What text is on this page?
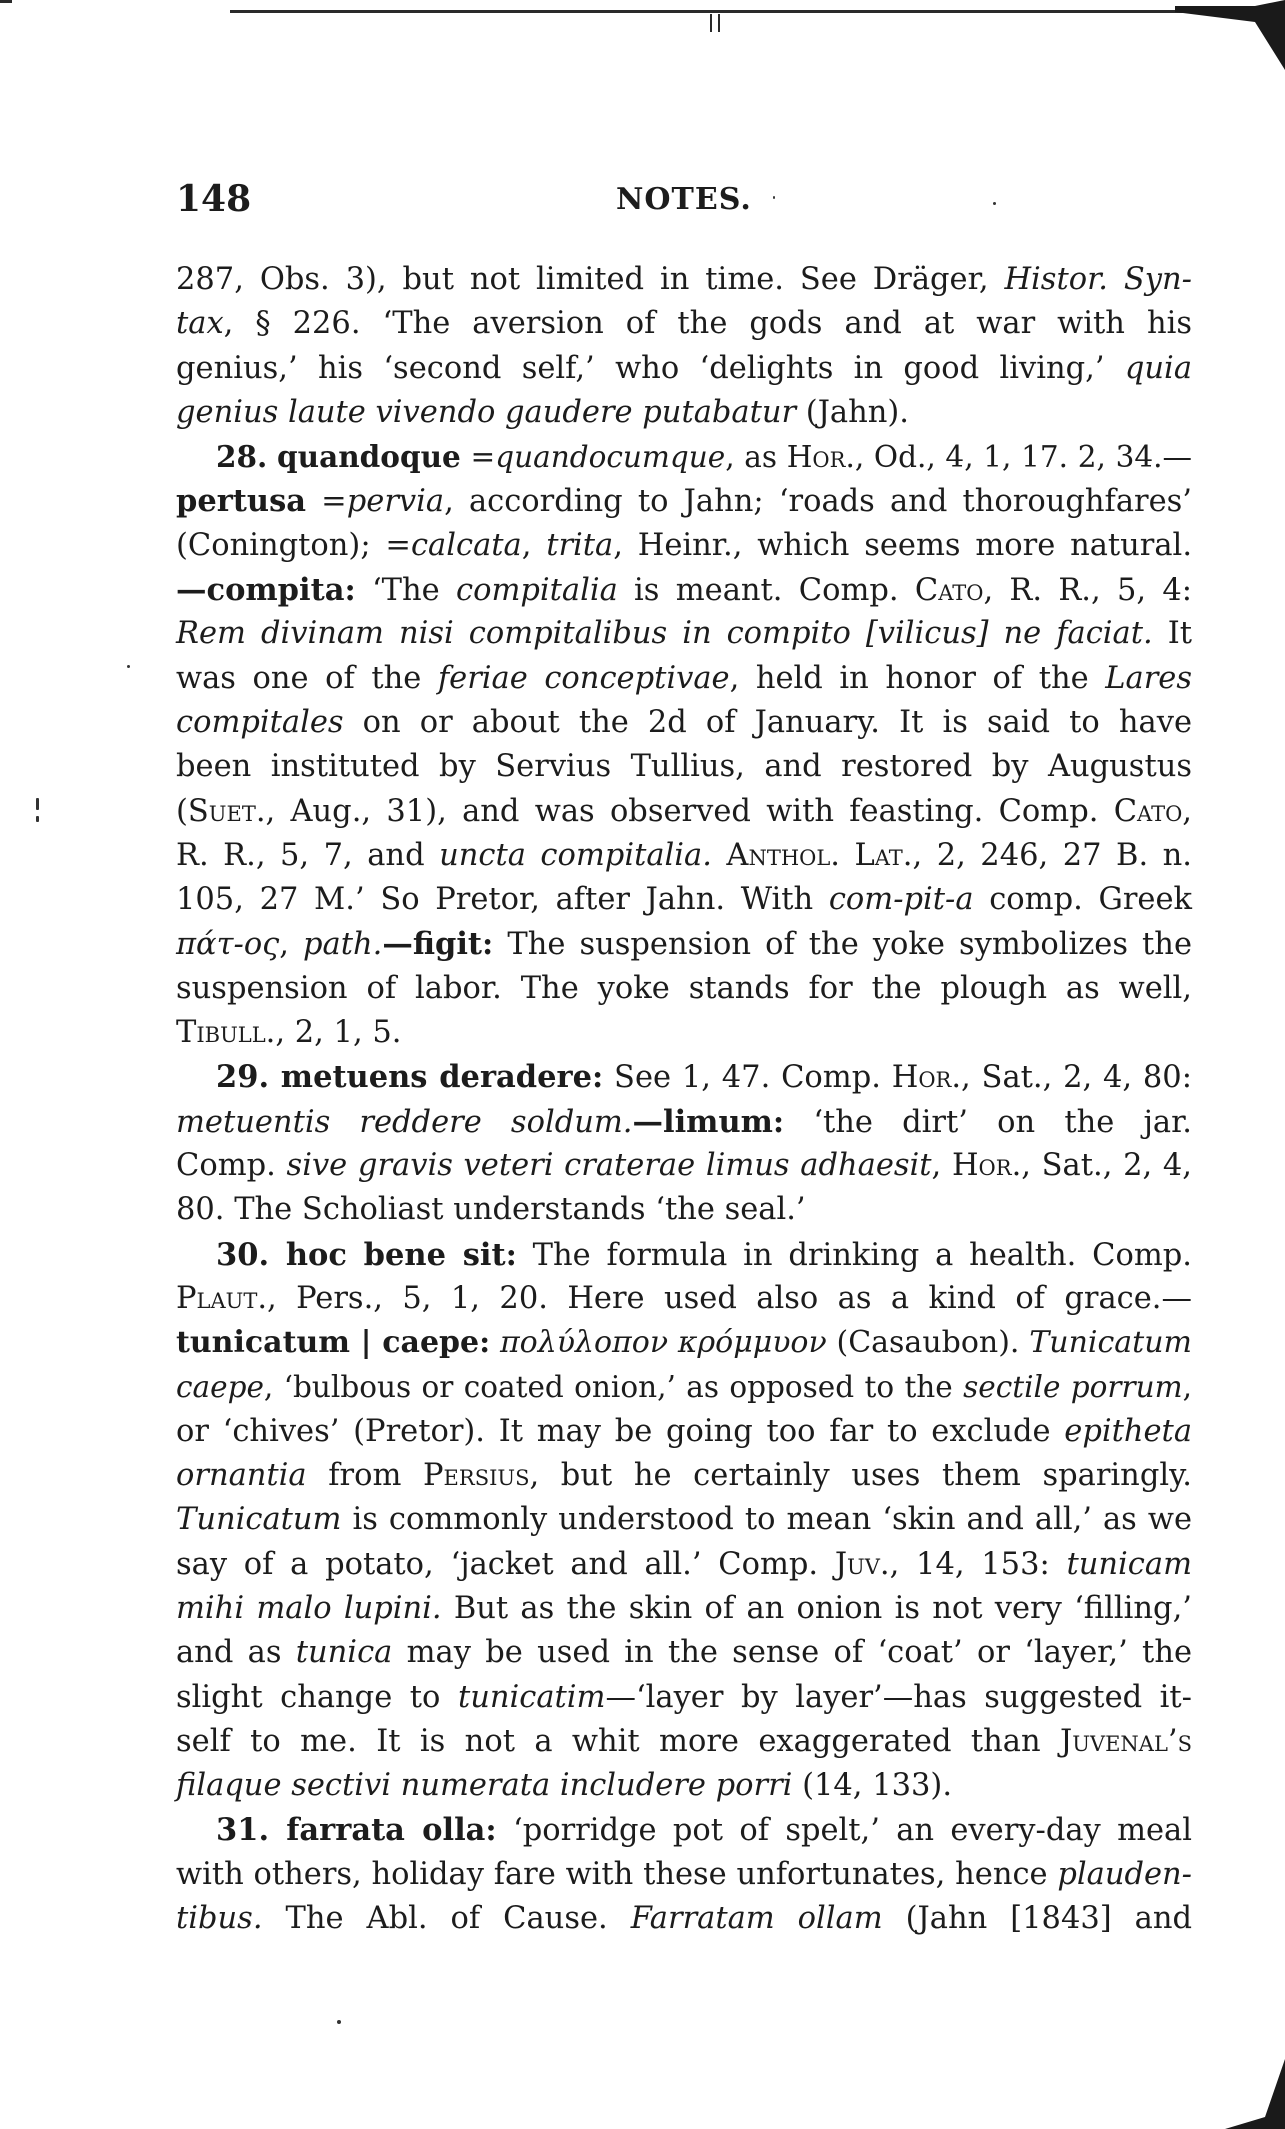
148	NOTES.
287, Obs. 3), but not limited in time. See Dräger, Histor. Syn-
tax, § 226. ‘The aversion of the gods and at war with his
genius,’ his ‘second self,’ who ‘delights in good living,’ quia
genius laute vivendo gaudere putabatur (Jahn).
28. quandoque =quandocumque, as Hor., Od., 4, 1, 17. 2, 34.—
pertusa =pervia, according to Jahn; ‘roads and thoroughfares’
(Conington); =calcata, trita, Heinr., which seems more natural.
—compita: ‘The compitalia is meant. Comp. Cato, R. R., 5, 4:
Rem divinam nisi compitalibus in compito [vilicus] ne faciat. It
was one of the feriae conceptivae, held in honor of the Lares
compitales on or about the 2d of January. It is said to have
been instituted by Servius Tullius, and restored by Augustus
(Suet., Aug., 31), and was observed with feasting. Comp. Cato,
R. R., 5, 7, and uncta compitalia. Anthol. Lat., 2, 246, 27 B. n.
105, 27 M.’ So Pretor, after Jahn. With com-pit-a comp. Greek
πάτ-ος, path.—figit: The suspension of the yoke symbolizes the
suspension of labor. The yoke stands for the plough as well,
Tibull., 2, 1, 5.
29. metuens deradere: See 1, 47. Comp. Hor., Sat., 2, 4, 80:
metuentis reddere soldum.—limum: ‘the dirt’ on the jar.
Comp. sive gravis veteri craterae limus adhaesit, Hor., Sat., 2, 4,
80. The Scholiast understands ‘the seal.’
30. hoc bene sit: The formula in drinking a health. Comp.
Plaut., Pers., 5, 1, 20. Here used also as a kind of grace.—
tunicatum | caepe: πολύλοπον κρόμμυον (Casaubon). Tunicatum
caepe, ‘bulbous or coated onion,’ as opposed to the sectile porrum,
or ‘chives’ (Pretor). It may be going too far to exclude epitheta
ornantia from Persius, but he certainly uses them sparingly.
Tunicatum is commonly understood to mean ‘skin and all,’ as we
say of a potato, ‘jacket and all.’ Comp. Juv., 14, 153: tunicam
mihi malo lupini. But as the skin of an onion is not very ‘filling,’
and as tunica may be used in the sense of ‘coat’ or ‘layer,’ the
slight change to tunicatim—‘layer by layer’—has suggested it-
self to me. It is not a whit more exaggerated than Juvenal’s
filaque sectivi numerata includere porri (14, 133).
31. farrata olla: ‘porridge pot of spelt,’ an every-day meal
with others, holiday fare with these unfortunates, hence plauden-
tibus. The Abl. of Cause. Farratam ollam (Jahn [1843] and
